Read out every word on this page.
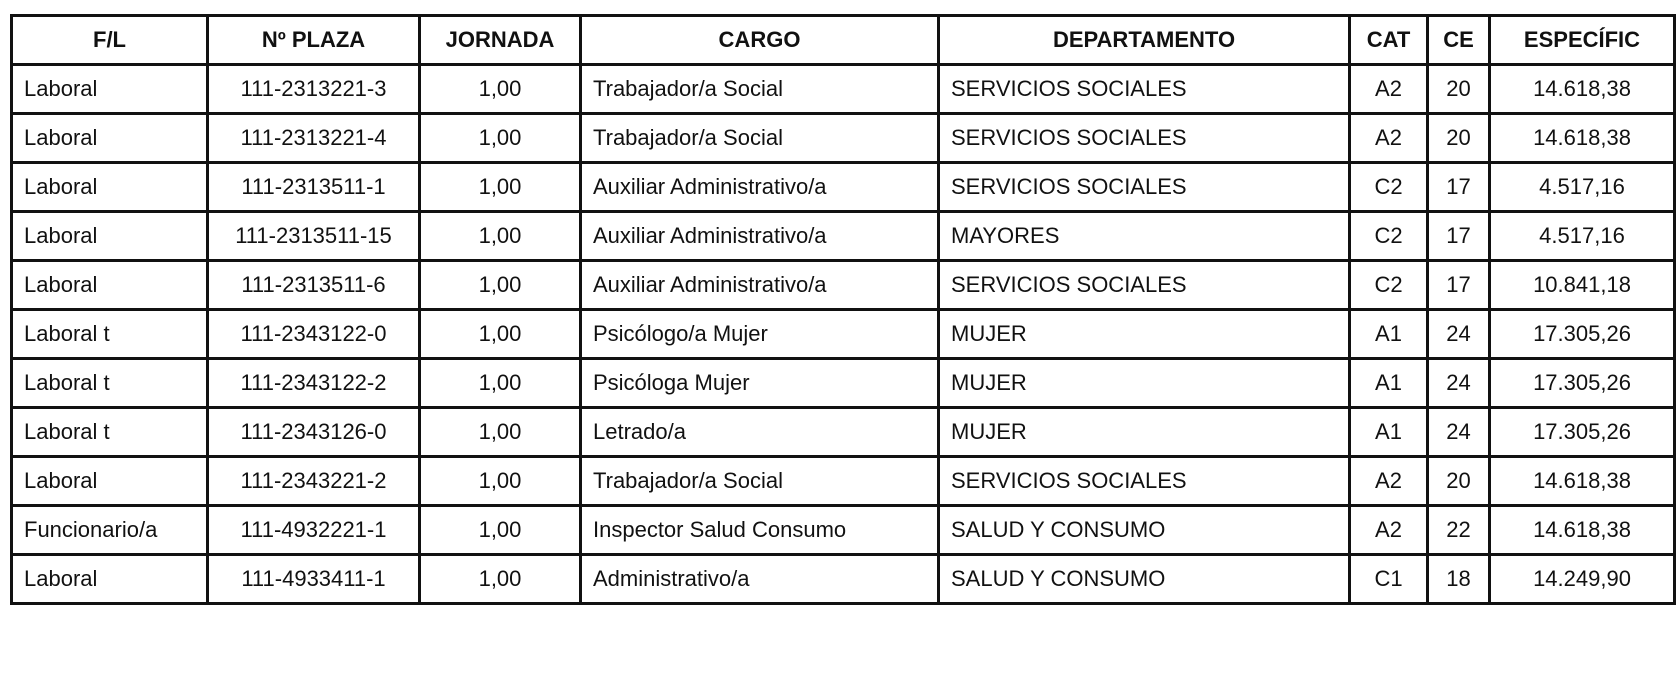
F/L	Nº PLAZA	JORNADA	CARGO	DEPARTAMENTO	CAT	CE	ESPECÍFIC
Laboral	111-2313221-3	1,00	Trabajador/a Social	SERVICIOS SOCIALES	A2	20	14.618,38
Laboral	111-2313221-4	1,00	Trabajador/a Social	SERVICIOS SOCIALES	A2	20	14.618,38
Laboral	111-2313511-1	1,00	Auxiliar Administrativo/a	SERVICIOS SOCIALES	C2	17	4.517,16
Laboral	111-2313511-15	1,00	Auxiliar Administrativo/a	MAYORES	C2	17	4.517,16
Laboral	111-2313511-6	1,00	Auxiliar Administrativo/a	SERVICIOS SOCIALES	C2	17	10.841,18
Laboral t	111-2343122-0	1,00	Psicólogo/a Mujer	MUJER	A1	24	17.305,26
Laboral t	111-2343122-2	1,00	Psicóloga Mujer	MUJER	A1	24	17.305,26
Laboral t	111-2343126-0	1,00	Letrado/a	MUJER	A1	24	17.305,26
Laboral	111-2343221-2	1,00	Trabajador/a Social	SERVICIOS SOCIALES	A2	20	14.618,38
Funcionario/a	111-4932221-1	1,00	Inspector Salud Consumo	SALUD Y CONSUMO	A2	22	14.618,38
Laboral	111-4933411-1	1,00	Administrativo/a	SALUD Y CONSUMO	C1	18	14.249,90
